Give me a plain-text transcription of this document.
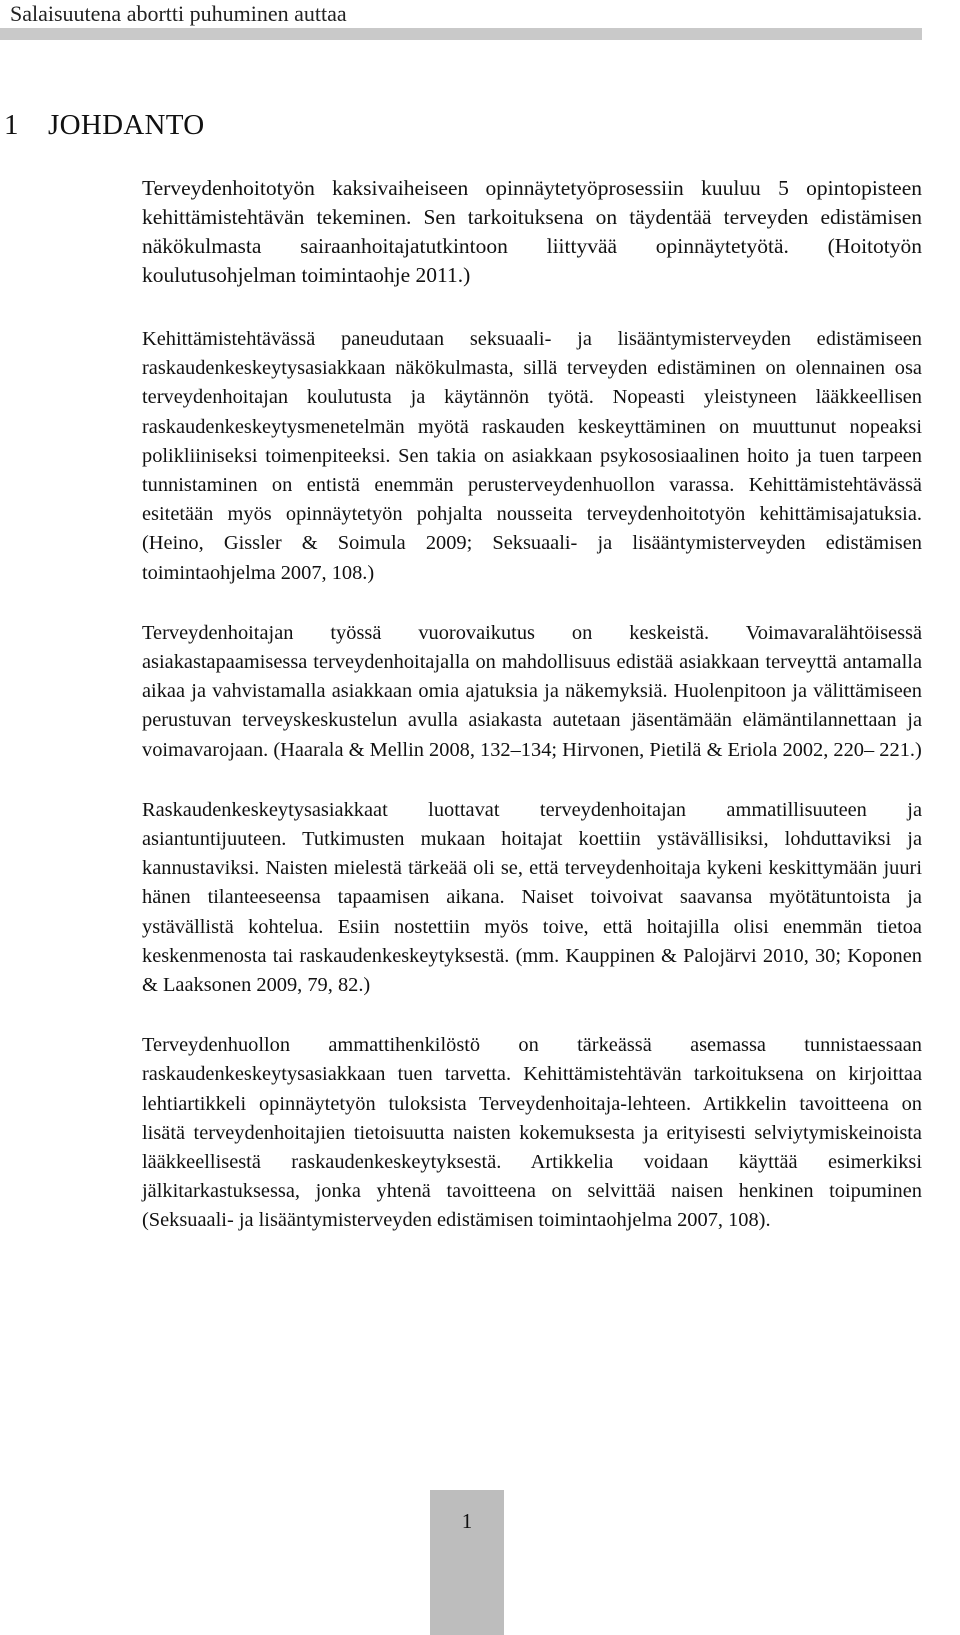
Salaisuutena abortti puhuminen auttaa
1 JOHDANTO

Terveydenhoitotyön kaksivaiheiseen opinnäytetyöprosessiin kuuluu 5 opintopisteen kehittämistehtävän tekeminen. Sen tarkoituksena on täydentää terveyden edistämisen näkökulmasta sairaanhoitajatutkintoon liittyvää opinnäytetyötä. (Hoitotyön koulutusohjelman toimintaohje 2011.)

Kehittämistehtävässä paneudutaan seksuaali- ja lisääntymisterveyden edistämiseen raskaudenkeskeytysasiakkaan näkökulmasta, sillä terveyden edistäminen on olennainen osa terveydenhoitajan koulutusta ja käytännön työtä. Nopeasti yleistyneen lääkkeellisen raskaudenkeskeytysmenetelmän myötä raskauden keskeyttäminen on muuttunut nopeaksi polikliiniseksi toimenpiteeksi. Sen takia on asiakkaan psykososiaalinen hoito ja tuen tarpeen tunnistaminen on entistä enemmän perusterveydenhuollon varassa. Kehittämistehtävässä esitetään myös opinnäytetyön pohjalta nousseita terveydenhoitotyön kehittämisajatuksia. (Heino, Gissler & Soimula 2009; Seksuaali- ja lisääntymisterveyden edistämisen toimintaohjelma 2007, 108.)

Terveydenhoitajan työssä vuorovaikutus on keskeistä. Voimavaralähtöisessä asiakastapaamisessa terveydenhoitajalla on mahdollisuus edistää asiakkaan terveyttä antamalla aikaa ja vahvistamalla asiakkaan omia ajatuksia ja näkemyksiä. Huolenpitoon ja välittämiseen perustuvan terveyskeskustelun avulla asiakasta autetaan jäsentämään elämäntilannettaan ja voimavarojaan. (Haarala & Mellin 2008, 132–134; Hirvonen, Pietilä & Eriola 2002, 220– 221.)

Raskaudenkeskeytysasiakkaat luottavat terveydenhoitajan ammatillisuuteen ja asiantuntijuuteen. Tutkimusten mukaan hoitajat koettiin ystävällisiksi, lohduttaviksi ja kannustaviksi. Naisten mielestä tärkeää oli se, että terveydenhoitaja kykeni keskittymään juuri hänen tilanteeseensa tapaamisen aikana. Naiset toivoivat saavansa myötätuntoista ja ystävällistä kohtelua. Esiin nostettiin myös toive, että hoitajilla olisi enemmän tietoa keskenmenosta tai raskaudenkeskeytyksestä. (mm. Kauppinen & Palojärvi 2010, 30; Koponen & Laaksonen 2009, 79, 82.)

Terveydenhuollon ammattihenkilöstö on tärkeässä asemassa tunnistaessaan raskaudenkeskeytysasiakkaan tuen tarvetta. Kehittämistehtävän tarkoituksena on kirjoittaa lehtiartikkeli opinnäytetyön tuloksista Terveydenhoitaja-lehteen. Artikkelin tavoitteena on lisätä terveydenhoitajien tietoisuutta naisten kokemuksesta ja erityisesti selviytymiskeinoista lääkkeellisestä raskaudenkeskeytyksestä. Artikkelia voidaan käyttää esimerkiksi jälkitarkastuksessa, jonka yhtenä tavoitteena on selvittää naisen henkinen toipuminen (Seksuaali- ja lisääntymisterveyden edistämisen toimintaohjelma 2007, 108).

1
